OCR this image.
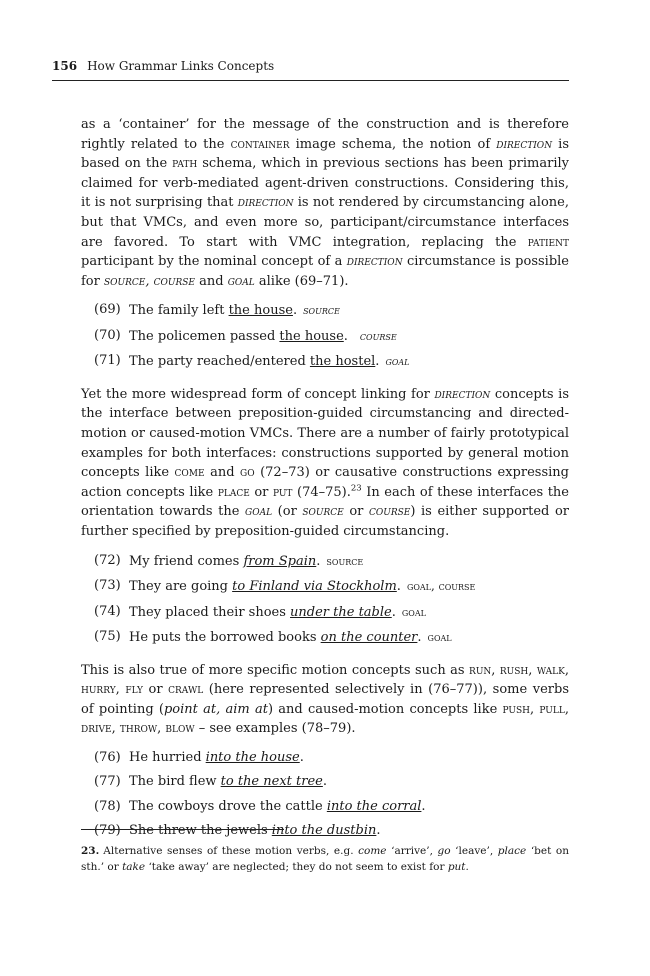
156 How Grammar Links Concepts

as a ‘container’ for the message of the construction and is therefore rightly related to the container image schema, the notion of direction is based on the path schema, which in previous sections has been primarily claimed for verb-mediated agent-driven constructions. Considering this, it is not surprising that direction is not rendered by circumstancing alone, but that VMCs, and even more so, participant/circumstance interfaces are favored. To start with VMC integration, replacing the patient participant by the nominal concept of a direction circumstance is possible for source, course and goal alike (69–71).

(69) The family left the house. source
(70) The policemen passed the house. course
(71) The party reached/entered the hostel. goal

Yet the more widespread form of concept linking for direction concepts is the interface between preposition-guided circumstancing and directed-motion or caused-motion VMCs. There are a number of fairly prototypical examples for both interfaces: constructions supported by general motion concepts like come and go (72–73) or causative constructions expressing action concepts like place or put (74–75).$^{23}$ In each of these interfaces the orientation towards the goal (or source or course) is either supported or further specified by preposition-guided circumstancing.

(72) My friend comes from Spain. source
(73) They are going to Finland via Stockholm. goal, course
(74) They placed their shoes under the table. goal
(75) He puts the borrowed books on the counter. goal

This is also true of more specific motion concepts such as run, rush, walk, hurry, fly or crawl (here represented selectively in (76–77)), some verbs of pointing (point at, aim at) and caused-motion concepts like push, pull, drive, throw, blow – see examples (78–79).

(76) He hurried into the house.
(77) The bird flew to the next tree.
(78) The cowboys drove the cattle into the corral.
(79) She threw the jewels into the dustbin.
23. Alternative senses of these motion verbs, e.g. come ‘arrive’, go ‘leave’, place ‘bet on sth.’ or take ‘take away’ are neglected; they do not seem to exist for put.
